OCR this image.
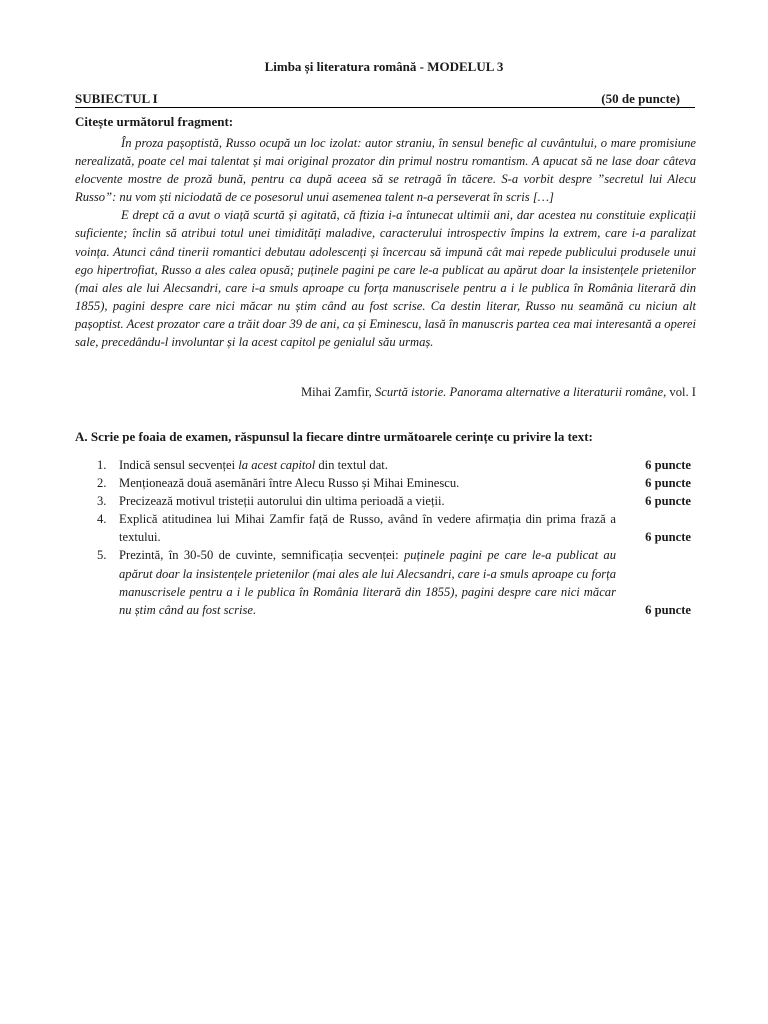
Limba și literatura română - MODELUL 3
SUBIECTUL I	(50 de puncte)
Citește următorul fragment:

În proza pașoptistă, Russo ocupă un loc izolat: autor straniu, în sensul benefic al cuvântului, o mare promisiune nerealizată, poate cel mai talentat și mai original prozator din primul nostru romantism. A apucat să ne lase doar câteva elocvente mostre de proză bună, pentru ca după aceea să se retragă în tăcere. S-a vorbit despre ”secretul lui Alecu Russo”: nu vom ști niciodată de ce posesorul unui asemenea talent n-a perseverat în scris […]

E drept că a avut o viață scurtă și agitată, că ftizia i-a întunecat ultimii ani, dar acestea nu constituie explicații suficiente; înclin să atribui totul unei timidități maladive, caracterului introspectiv împins la extrem, care i-a paralizat voința. Atunci când tinerii romantici debutau adolescenți și încercau să impună cât mai repede publicului produsele unui ego hipertrofiat, Russo a ales calea opusă; puținele pagini pe care le-a publicat au apărut doar la insistențele prietenilor (mai ales ale lui Alecsandri, care i-a smuls aproape cu forța manuscrisele pentru a i le publica în România literară din 1855), pagini despre care nici măcar nu știm când au fost scrise. Ca destin literar, Russo nu seamănă cu niciun alt pașoptist. Acest prozator care a trăit doar 39 de ani, ca și Eminescu, lasă în manuscris partea cea mai interesantă a operei sale, precedându-l involuntar și la acest capitol pe genialul său urmaș.

Mihai Zamfir, Scurtă istorie. Panorama alternative a literaturii române, vol. I
A. Scrie pe foaia de examen, răspunsul la fiecare dintre următoarele cerințe cu privire la text:
1. Indică sensul secvenței la acest capitol din textul dat.	6 puncte
2. Menționează două asemănări între Alecu Russo și Mihai Eminescu.	6 puncte
3. Precizează motivul tristeții autorului din ultima perioadă a vieții.	6 puncte
4. Explică atitudinea lui Mihai Zamfir față de Russo, având în vedere afirmația din prima frază a textului.	6 puncte
5. Prezintă, în 30-50 de cuvinte, semnificația secvenței: puținele pagini pe care le-a publicat au apărut doar la insistențele prietenilor (mai ales ale lui Alecsandri, care i-a smuls aproape cu forța manuscrisele pentru a i le publica în România literară din 1855), pagini despre care nici măcar nu știm când au fost scrise.	6 puncte
